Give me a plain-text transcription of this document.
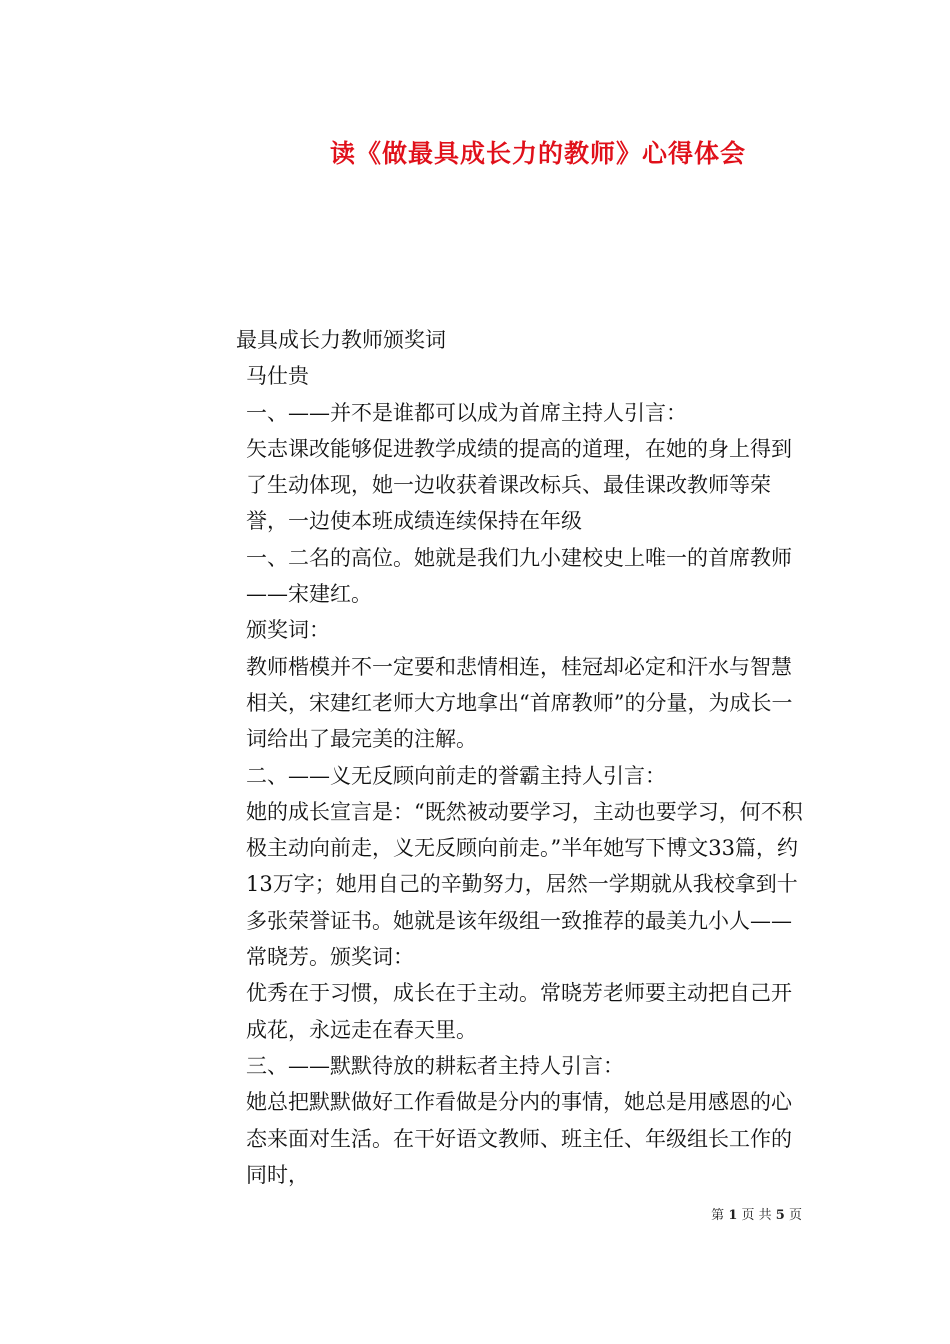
读《做最具成长力的教师》心得体会

最具成长力教师颁奖词

马仕贵

一、——并不是谁都可以成为首席主持人引言：

矢志课改能够促进教学成绩的提高的道理，在她的身上得到了生动体现，她一边收获着课改标兵、最佳课改教师等荣誉，一边使本班成绩连续保持在年级

一、二名的高位。她就是我们九小建校史上唯一的首席教师——宋建红。

颁奖词：

教师楷模并不一定要和悲情相连，桂冠却必定和汗水与智慧相关，宋建红老师大方地拿出“首席教师”的分量，为成长一词给出了最完美的注解。

二、——义无反顾向前走的誉霸主持人引言：

她的成长宣言是：“既然被动要学习，主动也要学习，何不积极主动向前走，义无反顾向前走。”半年她写下博文33篇，约13万字；她用自己的辛勤努力，居然一学期就从我校拿到十多张荣誉证书。她就是该年级组一致推荐的最美九小人——常晓芳。颁奖词：

优秀在于习惯，成长在于主动。常晓芳老师要主动把自己开成花，永远走在春天里。

三、——默默待放的耕耘者主持人引言：

她总把默默做好工作看做是分内的事情，她总是用感恩的心态来面对生活。在干好语文教师、班主任、年级组长工作的同时，

第 1 页 共 5 页
